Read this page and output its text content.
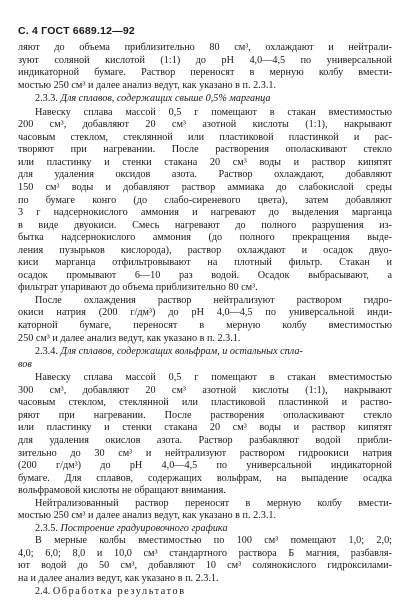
С. 4 ГОСТ 6689.12—92
ляют до объема приблизительно 80 см³, охлаждают и нейтрали-
зуют соляной кислотой (1:1) до рН 4,0—4,5 по универсальной
индикаторной бумаге. Раствор переносят в мерную колбу вмести-
мостью 250 см³ и далее анализ ведут, как указано в п. 2.3.1.
2.3.3. Для сплавов, содержащих свыше 0,5% марганца
Навеску сплава массой 0,5 г помещают в стакан вместимостью
200 см³, добавляют 20 см³ азотной кислоты (1:1), накрывают
часовым стеклом, стеклянной или пластиковой пластинкой и рас-
творяют при нагревании. После растворения ополаскивают стекло
или пластинку и стенки стакана 20 см³ воды и раствор кипятят
для удаления оксидов азота. Раствор охлаждают, добавляют
150 см³ воды и добавляют раствор аммиака до слабокислой среды
по бумаге конго (до слабо-сиреневого цвета), затем добавляют
3 г надсернокислого аммония и нагревают до выделения марганца
в виде двуокиси. Смесь нагревают до полного разрушения из-
бытка надсернокислого аммония (до полного прекращения выде-
ления пузырьков кислорода), раствор охлаждают и осадок двуо-
киси марганца отфильтровывают на плотный фильтр. Стакан и
осадок промывают 6—10 раз водой. Осадок выбрасывают, а
фильтрат упаривают до объема приблизительно 80 см³.
После охлаждения раствор нейтрализуют раствором гидро-
окиси натрия (200 г/дм³) до рН 4,0—4,5 по универсальной инди-
каторной бумаге, переносят в мерную колбу вместимостью
250 см³ и далее анализ ведут, как указано в п. 2.3.1.
2.3.4. Для сплавов, содержащих вольфрам, и остальных спла-
вов
Навеску сплава массой 0,5 г помещают в стакан вместимостью
300 см³, добавляют 20 см³ азотной кислоты (1:1), накрывают
часовым стеклом, стеклянной или пластиковой пластинкой и раство-
ряют при нагревании. После растворения ополаскивают стекло
или пластинку и стенки стакана 20 см³ воды и раствор кипятят
для удаления окислов азота. Раствор разбавляют водой прибли-
зительно до 30 см³ и нейтрализуют раствором гидроокиси натрия
(200 г/дм³) до рН 4,0—4,5 по универсальной индикаторной
бумаге. Для сплавов, содержащих вольфрам, на выпадение осадка
вольфрамовой кислоты не обращают внимания.
Нейтрализованный раствор переносят в мерную колбу вмести-
мостью 250 см³ и далее анализ ведут, как указано в п. 2.3.1.
2.3.5. Построение градуировочного графика
В мерные колбы вместимостью по 100 см³ помещают 1,0; 2,0;
4,0; 6,0; 8,0 и 10,0 см³ стандартного раствора Б магния, разбавля-
ют водой до 50 см³, добавляют 10 см³ солянокислого гидроксилами-
на и далее анализ ведут, как указано в п. 2.3.1.
2.4. Обработка результатов
